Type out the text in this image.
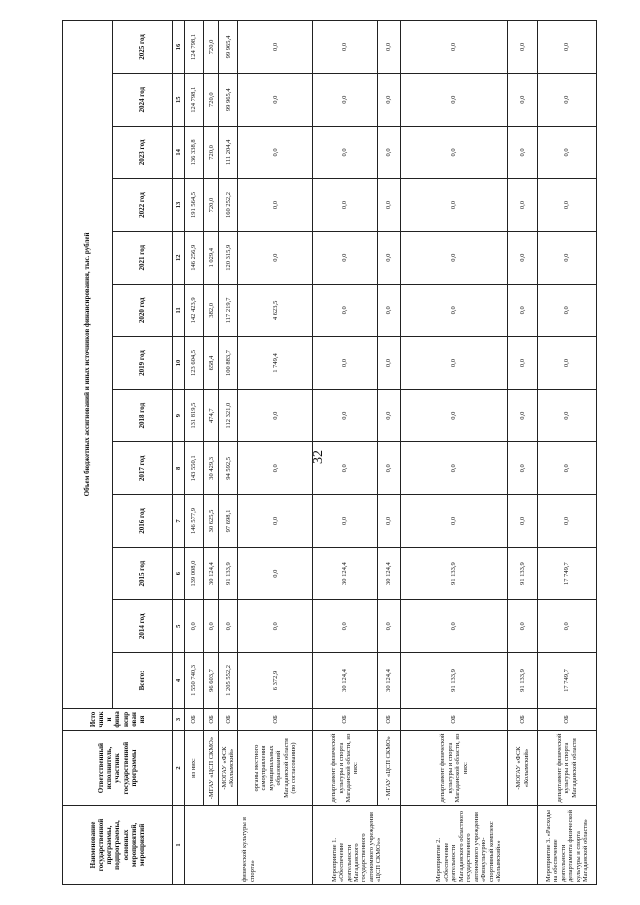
32
Наименование государственной программы, подпрограммы, основных мероприятий, мероприятий	Ответственный исполнитель, участник государственной программы	Источники финансирования	Объем бюджетных ассигнований и иных источников финансирования, тыс. рублей												
			Всего:	2014 год	2015 год	2016 год	2017 год	2018 год	2019 год	2020 год	2021 год	2022 год	2023 год	2024 год	2025 год
1	2	3	4	5	6	7	8	9	10	11	12	13	14	15	16
физической культуры и спорта»	из них:	ОБ	1 550 740,3	0,0	139 008,0	146 577,9	143 550,1	131 819,5	123 604,5	142 423,9	146 256,9	191 564,5	136 338,8	124 798,1	124 798,1
	-МГАУ «ЦСП СКМО»	ОБ	96 603,7	0,0	30 124,4	30 625,5	30 429,3	474,7	658,4	382,0	1 029,4	720,0	720,0	720,0	720,0
	-МОГАУ «ФСК «Колымский»	ОБ	1 205 552,2	0,0	91 133,9	97 698,1	94 592,5	112 321,0	100 883,7	117 219,7	120 315,9	160 252,2	111 204,4	99 965,4	99 965,4
	органы местного самоуправления муниципальных образований Магаданской области (по согласованию)	ОБ	6 372,9	0,0	0,0	0,0	0,0	0,0	1 749,4	4 623,5	0,0	0,0	0,0	0,0	0,0
Мероприятие 1. «Обеспечение деятельности Магаданского государственного автономного учреждения «ЦСП СКМО»»	департамент физической культуры и спорта Магаданской области, из них:	ОБ	30 124,4	0,0	30 124,4	0,0	0,0	0,0	0,0	0,0	0,0	0,0	0,0	0,0	0,0
	- МГАУ «ЦСП СКМО»	ОБ	30 124,4	0,0	30 124,4	0,0	0,0	0,0	0,0	0,0	0,0	0,0	0,0	0,0	0,0
Мероприятие 2. «Обеспечение деятельности Магаданского областного государственного автономного учреждения «Физкультурно-спортивный комплекс «Колымский»»	департамент физической культуры и спорта Магаданской области, из них:	ОБ	91 133,9	0,0	91 133,9	0,0	0,0	0,0	0,0	0,0	0,0	0,0	0,0	0,0	0,0
	-МОГАУ «ФСК «Колымский»	ОБ	91 133,9	0,0	91 133,9	0,0	0,0	0,0	0,0	0,0	0,0	0,0	0,0	0,0	0,0
Мероприятие 3. «Расходы на обеспечение деятельности департамента физической культуры и спорта Магаданской области»	департамент физической культуры и спорта Магаданской области	ОБ	17 749,7	0,0	17 749,7	0,0	0,0	0,0	0,0	0,0	0,0	0,0	0,0	0,0	0,0
